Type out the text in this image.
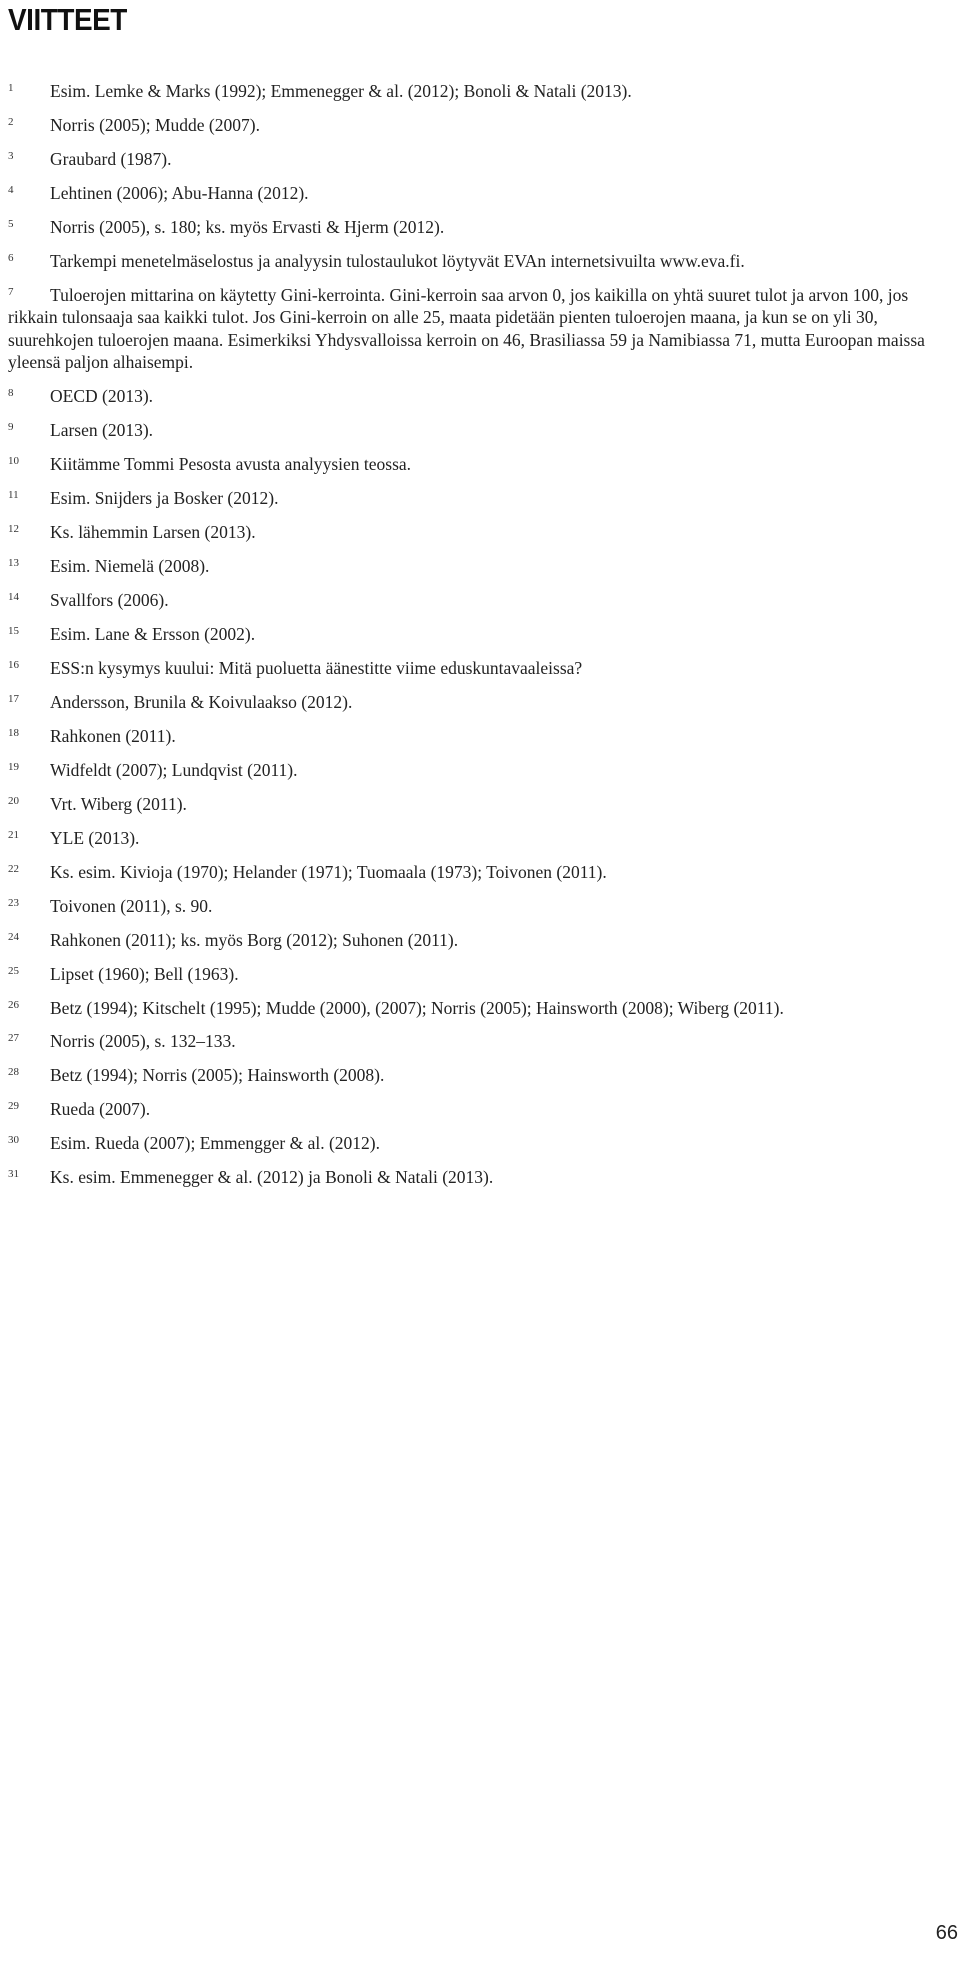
VIITTEET
1 Esim. Lemke & Marks (1992); Emmenegger & al. (2012); Bonoli & Natali (2013).
2 Norris (2005); Mudde (2007).
3 Graubard (1987).
4 Lehtinen (2006); Abu-Hanna (2012).
5 Norris (2005), s. 180; ks. myös Ervasti & Hjerm (2012).
6 Tarkempi menetelmäselostus ja analyysin tulostaulukot löytyvät EVAn internetsivuilta www.eva.fi.
7 Tuloerojen mittarina on käytetty Gini-kerrointa. Gini-kerroin saa arvon 0, jos kaikilla on yhtä suuret tulot ja arvon 100, jos rikkain tulonsaaja saa kaikki tulot. Jos Gini-kerroin on alle 25, maata pidetään pienten tuloerojen maana, ja kun se on yli 30, suurehkojen tuloerojen maana. Esimerkiksi Yhdysvalloissa kerroin on 46, Brasiliassa 59 ja Namibiassa 71, mutta Euroopan maissa yleensä paljon alhaisempi.
8 OECD (2013).
9 Larsen (2013).
10 Kiitämme Tommi Pesosta avusta analyysien teossa.
11 Esim. Snijders ja Bosker (2012).
12 Ks. lähemmin Larsen (2013).
13 Esim. Niemelä (2008).
14 Svallfors (2006).
15 Esim. Lane & Ersson (2002).
16 ESS:n kysymys kuului: Mitä puoluetta äänestitte viime eduskuntavaaleissa?
17 Andersson, Brunila & Koivulaakso (2012).
18 Rahkonen (2011).
19 Widfeldt (2007); Lundqvist (2011).
20 Vrt. Wiberg (2011).
21 YLE (2013).
22 Ks. esim. Kivioja (1970); Helander (1971); Tuomaala (1973); Toivonen (2011).
23 Toivonen (2011), s. 90.
24 Rahkonen (2011); ks. myös Borg (2012); Suhonen (2011).
25 Lipset (1960); Bell (1963).
26 Betz (1994); Kitschelt (1995); Mudde (2000), (2007); Norris (2005); Hainsworth (2008); Wiberg (2011).
27 Norris (2005), s. 132–133.
28 Betz (1994); Norris (2005); Hainsworth (2008).
29 Rueda (2007).
30 Esim. Rueda (2007); Emmengger & al. (2012).
31 Ks. esim. Emmenegger & al. (2012) ja Bonoli & Natali (2013).
66
